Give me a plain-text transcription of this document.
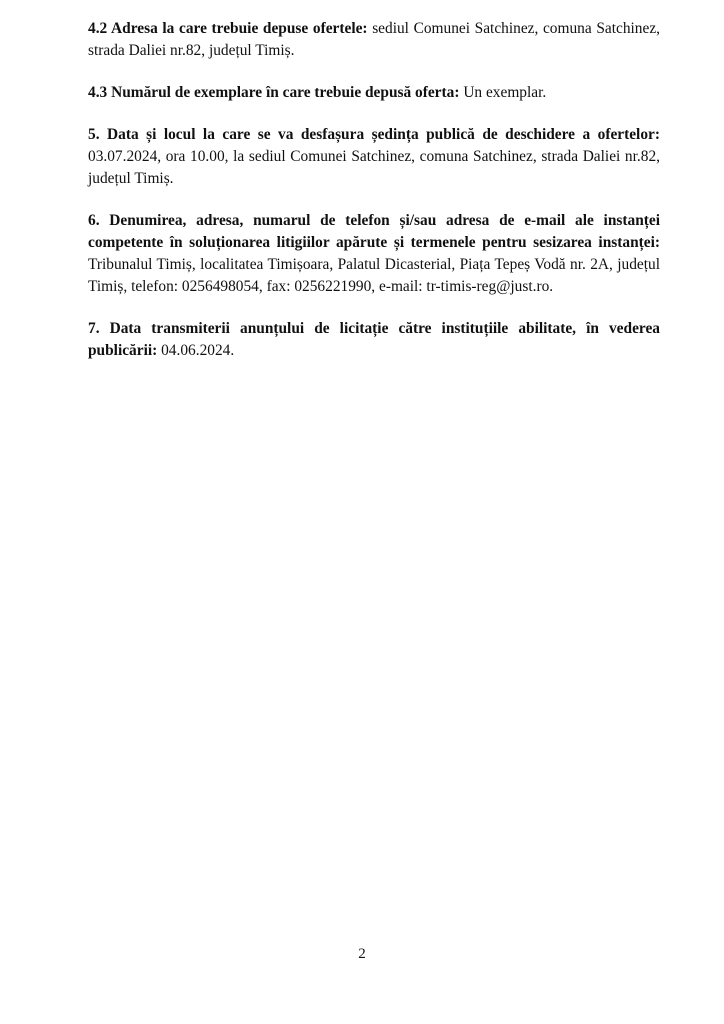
4.2 Adresa la care trebuie depuse ofertele: sediul Comunei Satchinez, comuna Satchinez, strada Daliei nr.82, județul Timiș.

4.3 Numărul de exemplare în care trebuie depusă oferta: Un exemplar.

5. Data și locul la care se va desfașura ședința publică de deschidere a ofertelor: 03.07.2024, ora 10.00, la sediul Comunei Satchinez, comuna Satchinez, strada Daliei nr.82, județul Timiș.

6. Denumirea, adresa, numarul de telefon și/sau adresa de e-mail ale instanței competente în soluționarea litigiilor apărute și termenele pentru sesizarea instanței: Tribunalul Timiș, localitatea Timișoara, Palatul Dicasterial, Piața Tepeș Vodă nr. 2A, județul Timiș, telefon: 0256498054, fax: 0256221990, e-mail: tr-timis-reg@just.ro.

7. Data transmiterii anunțului de licitație către instituțiile abilitate, în vederea publicării: 04.06.2024.

2
